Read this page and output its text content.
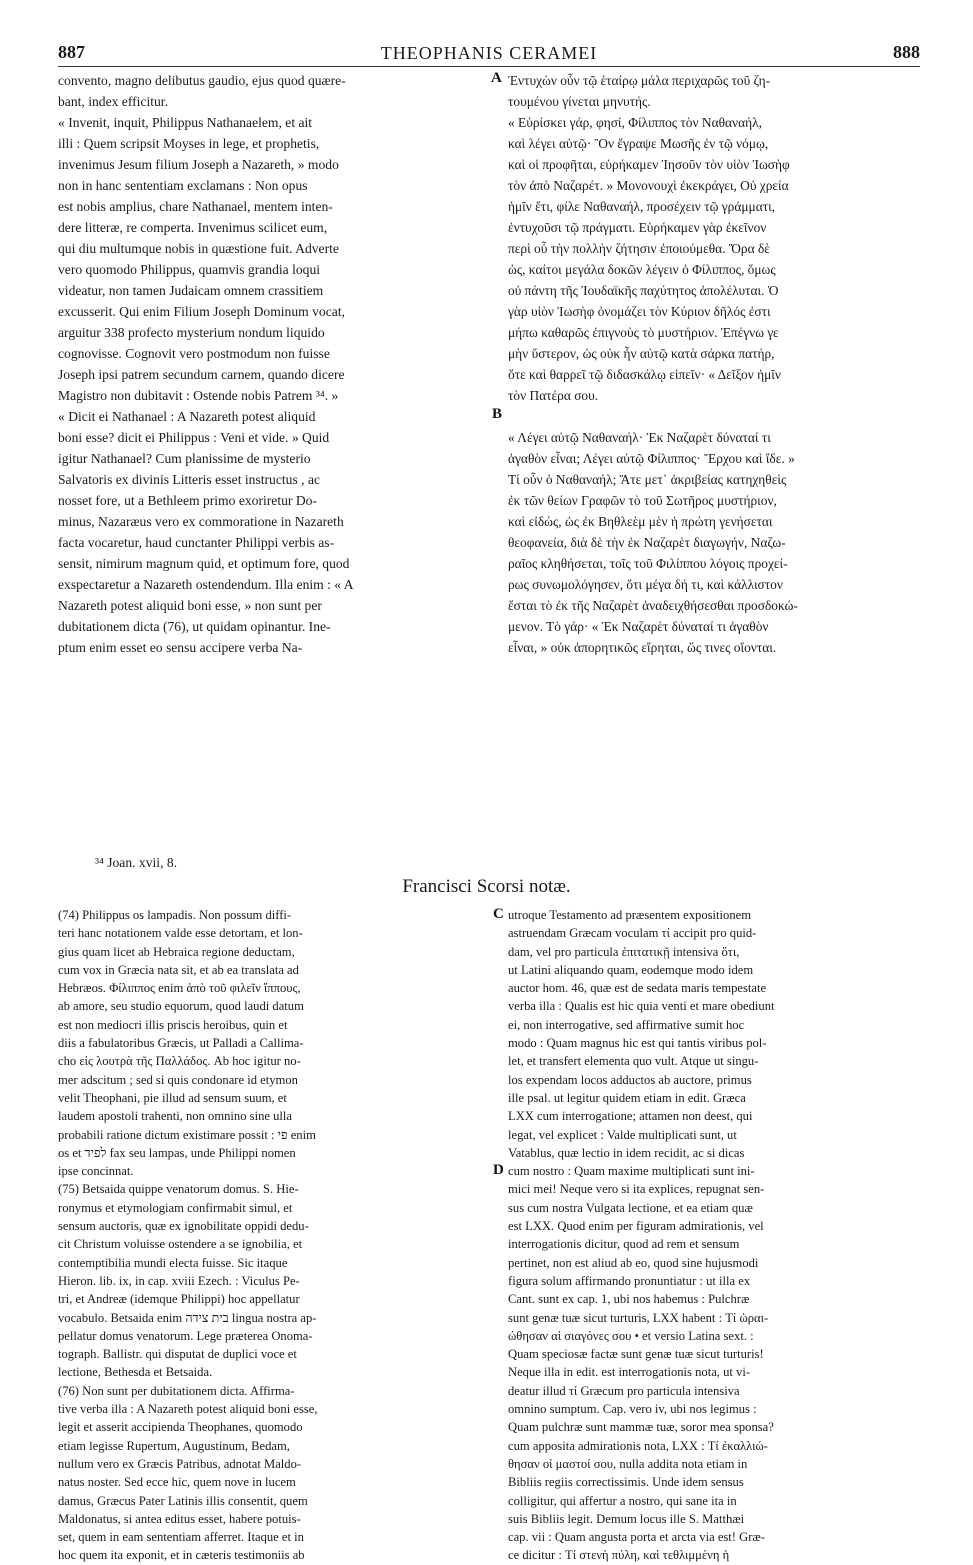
887	THEOPHANIS CERAMEI	888
convento, magno delibutus gaudio, ejus quod quære-
bant, index efficitur.
« Invenit, inquit, Philippus Nathanaelem, et ait
illi : Quem scripsit Moyses in lege, et prophetis,
invenimus Jesum filium Joseph a Nazareth, » modo
non in hanc sententiam exclamans : Non opus
est nobis amplius, chare Nathanael, mentem inten-
dere litteræ, re comperta. Invenimus scilicet eum,
qui diu multumque nobis in quæstione fuit. Adverte
vero quomodo Philippus, quamvis grandia loqui
videatur, non tamen Judaicam omnem crassitiem
excusserit. Qui enim Filium Joseph Dominum vocat,
arguitur 338 profecto mysterium nondum liquido
cognovisse. Cognovit vero postmodum non fuisse
Joseph ipsi patrem secundum carnem, quando dicere
Magistro non dubitavit : Ostende nobis Patrem ³⁴. »
« Dicit ei Nathanael : A Nazareth potest aliquid
boni esse? dicit ei Philippus : Veni et vide. » Quid
igitur Nathanael? Cum planissime de mysterio
Salvatoris ex divinis Litteris esset instructus , ac
nosset fore, ut a Bethleem primo exoriretur Do-
minus, Nazaræus vero ex commoratione in Nazareth
facta vocaretur, haud cunctanter Philippi verbis as-
sensit, nimirum magnum quid, et optimum fore, quod
exspectaretur a Nazareth ostendendum. Illa enim : « A
Nazareth potest aliquid boni esse, » non sunt per
dubitationem dicta (76), ut quidam opinantur. Ine-
ptum enim esset eo sensu accipere verba Na-
Ἐντυχὼν οὖν τῷ ἑταίρῳ μάλα περιχαρῶς τοῦ ζη-
τουμένου γίνεται μηνυτής.
« Εὑρίσκει γάρ, φησί, Φίλιππος τὸν Ναθαναήλ,
καὶ λέγει αὐτῷ· Ὃν ἔγραψε Μωσῆς ἐν τῷ νόμῳ,
καὶ οἱ προφῆται, εὑρήκαμεν Ἰησοῦν τὸν υἱὸν Ἰωσὴφ
τὸν ἀπὸ Ναζαρέτ. » Μονονουχὶ ἐκεκράγει, Οὐ χρεία
ἡμῖν ἔτι, φίλε Ναθαναήλ, προσέχειν τῷ γράμματι,
ἐντυχοῦσι τῷ πράγματι. Εὑρήκαμεν γὰρ ἐκεῖνον
περὶ οὗ τὴν πολλὴν ζήτησιν ἐποιούμεθα. Ὅρα δὲ
ὡς, καίτοι μεγάλα δοκῶν λέγειν ὁ Φίλιππος, ὅμως
οὐ πάντη τῆς Ἰουδαϊκῆς παχύτητος ἀπολέλυται. Ὁ
γὰρ υἱὸν Ἰωσὴφ ὀνομάζει τὸν Κύριον δῆλός ἐστι
μήπω καθαρῶς ἐπιγνοὺς τὸ μυστήριον. Ἐπέγνω γε
μὴν ὕστερον, ὡς οὐκ ἦν αὐτῷ κατὰ σάρκα πατήρ,
ὅτε καὶ θαρρεῖ τῷ διδασκάλῳ εἰπεῖν· « Δεῖξον ἡμῖν
τὸν Πατέρα σου.
« Λέγει αὐτῷ Ναθαναήλ· Ἐκ Ναζαρὲτ δύναταί τι
ἀγαθὸν εἶναι; Λέγει αὐτῷ Φίλιππος· Ἔρχου καὶ ἴδε. »
Τί οὖν ὁ Ναθαναήλ; Ἅτε μετ᾽ ἀκριβείας κατηχηθεὶς
ἐκ τῶν θείων Γραφῶν τὸ τοῦ Σωτῆρος μυστήριον,
καὶ εἰδώς, ὡς ἐκ Βηθλεὲμ μὲν ἡ πρώτη γενήσεται
θεοφανεία, διὰ δὲ τὴν ἐκ Ναζαρὲτ διαγωγήν, Ναζω-
ραῖος κληθήσεται, τοῖς τοῦ Φιλίππου λόγοις προχεί-
ρως συνωμολόγησεν, ὅτι μέγα δή τι, καὶ κάλλιστον
ἔσται τὸ ἐκ τῆς Ναζαρὲτ ἀναδειχθήσεσθαι προσδοκώ-
μενον. Τὸ γάρ· « Ἐκ Ναζαρὲτ δύναταί τι ἀγαθὸν
εἶναι, » οὐκ ἀπορητικῶς εἴρηται, ὥς τινες οἴονται.
A
B
C
D
³⁴ Joan. xvii, 8.
Francisci Scorsi notæ.
(74) Philippus os lampadis. Non possum diffi-
teri hanc notationem valde esse detortam, et lon-
gius quam licet ab Hebraica regione deductam,
cum vox in Græcia nata sit, et ab ea translata ad
Hebræos. Φίλιππος enim ἀπὸ τοῦ φιλεῖν ἵππους,
ab amore, seu studio equorum, quod laudi datum
est non mediocri illis priscis heroibus, quin et
diis a fabulatoribus Græcis, ut Palladi a Callima-
cho εἰς λουτρὰ τῆς Παλλάδος. Ab hoc igitur no-
mer adscitum ; sed si quis condonare id etymon
velit Theophani, pie illud ad sensum suum, et
laudem apostoli trahenti, non omnino sine ulla
probabili ratione dictum existimare possit : פי enim
os et לפיד fax seu lampas, unde Philippi nomen
ipse concinnat.
(75) Betsaida quippe venatorum domus. S. Hie-
ronymus et etymologiam confirmabit simul, et
sensum auctoris, quæ ex ignobilitate oppidi dedu-
cit Christum voluisse ostendere a se ignobilia, et
contemptibilia mundi electa fuisse. Sic itaque
Hieron. lib. ix, in cap. xviii Ezech. : Viculus Pe-
tri, et Andreæ (idemque Philippi) hoc appellatur
vocabulo. Betsaida enim בית צידה lingua nostra ap-
pellatur domus venatorum. Lege præterea Onoma-
tograph. Ballistr. qui disputat de duplici voce et
lectione, Bethesda et Betsaida.
(76) Non sunt per dubitationem dicta. Affirma-
tive verba illa : A Nazareth potest aliquid boni esse,
legit et asserit accipienda Theophanes, quomodo
etiam legisse Rupertum, Augustinum, Bedam,
nullum vero ex Græcis Patribus, adnotat Maldo-
natus noster. Sed ecce hic, quem nove in lucem
damus, Græcus Pater Latinis illis consentit, quem
Maldonatus, si antea editus esset, habere potuis-
set, quem in eam sententiam afferret. Itaque et in
hoc quem ita exponit, et in cæteris testimoniis ab
utroque Testamento ad præsentem expositionem
astruendam Græcam voculam τί accipit pro quid-
dam, vel pro particula ἐπιτατικῇ intensiva ὅτι,
ut Latini aliquando quam, eodemque modo idem
auctor hom. 46, quæ est de sedata maris tempestate
verba illa : Qualis est hic quia venti et mare obediunt
ei, non interrogative, sed affirmative sumit hoc
modo : Quam magnus hic est qui tantis viribus pol-
let, et transfert elementa quo vult. Atque ut singu-
los expendam locos adductos ab auctore, primus
ille psal. ut legitur quidem etiam in edit. Græca
LXX cum interrogatione; attamen non deest, qui
legat, vel explicet : Valde multiplicati sunt, ut
Vatablus, quæ lectio in idem recidit, ac si dicas
cum nostro : Quam maxime multiplicati sunt ini-
mici mei! Neque vero si ita explices, repugnat sen-
sus cum nostra Vulgata lectione, et ea etiam quæ
est LXX. Quod enim per figuram admirationis, vel
interrogationis dicitur, quod ad rem et sensum
pertinet, non est aliud ab eo, quod sine hujusmodi
figura solum affirmando pronuntiatur : ut illa ex
Cant. sunt ex cap. 1, ubi nos habemus : Pulchræ
sunt genæ tuæ sicut turturis, LXX habent : Τί ὡραι-
ώθησαν αἱ σιαγόνες σου • et versio Latina sext. :
Quam speciosæ factæ sunt genæ tuæ sicut turturis!
Neque illa in edit. est interrogationis nota, ut vi-
deatur illud τί Græcum pro particula intensiva
omnino sumptum. Cap. vero iv, ubi nos legimus :
Quam pulchræ sunt mammæ tuæ, soror mea sponsa?
cum apposita admirationis nota, LXX : Τί ἐκαλλιώ-
θησαν οἱ μαστοί σου, nulla addita nota etiam in
Bibliis regiis correctissimis. Unde idem sensus
colligitur, qui affertur a nostro, qui sane ita in
suis Bibliis legit. Demum locus ille S. Matthæi
cap. vii : Quam angusta porta et arcta via est! Græ-
ce dicitur : Τί στενὴ πύλη, καὶ τεθλιμμένη ἡ
